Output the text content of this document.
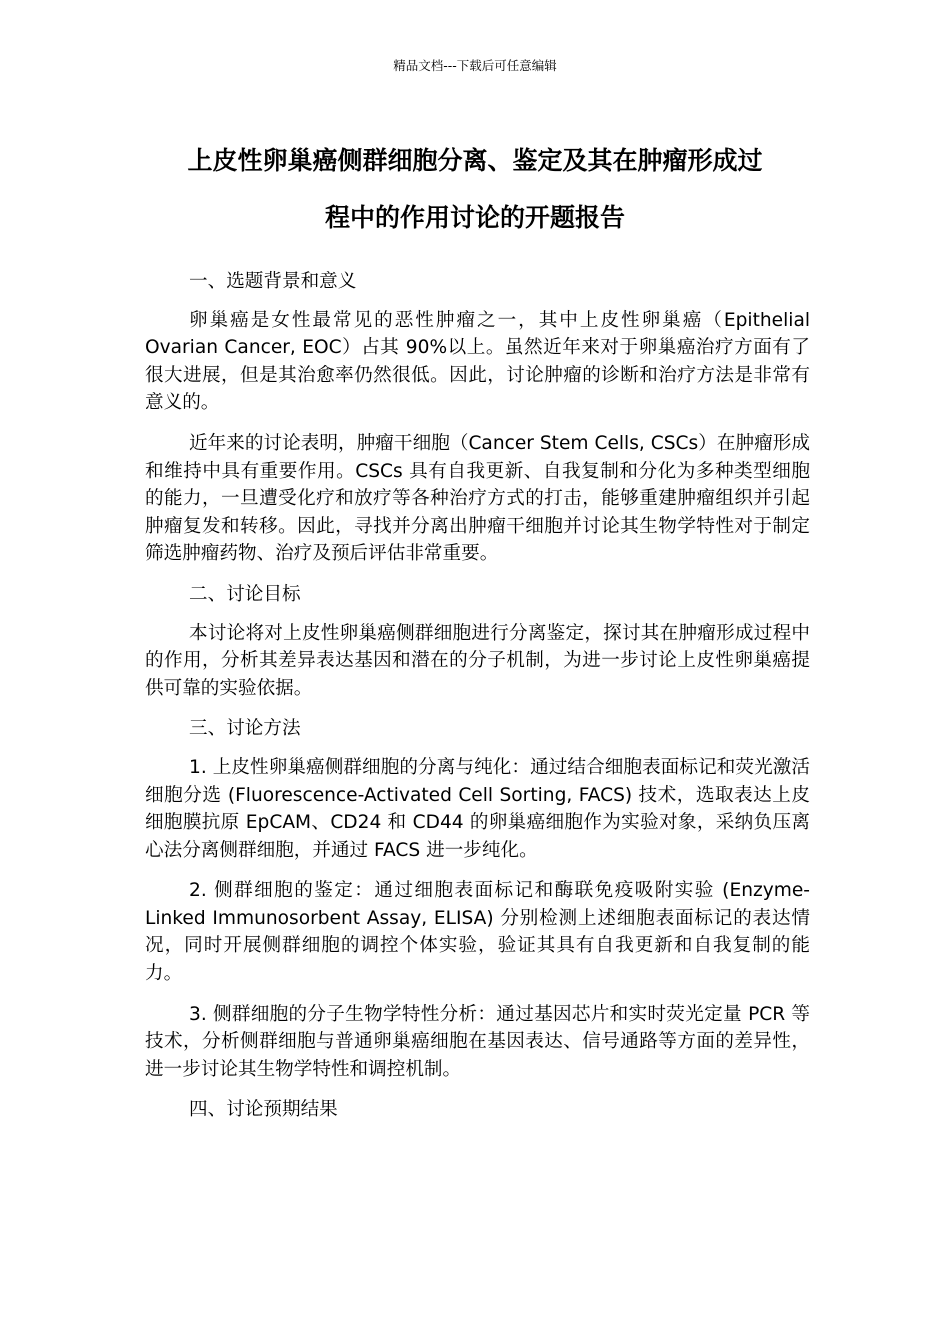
精品文档---下载后可任意编辑
上皮性卵巢癌侧群细胞分离、鉴定及其在肿瘤形成过
程中的作用讨论的开题报告

一、选题背景和意义

卵巢癌是女性最常见的恶性肿瘤之一，其中上皮性卵巢癌（Epithelial Ovarian Cancer, EOC）占其 90%以上。虽然近年来对于卵巢癌治疗方面有了很大进展，但是其治愈率仍然很低。因此，讨论肿瘤的诊断和治疗方法是非常有意义的。

近年来的讨论表明，肿瘤干细胞（Cancer Stem Cells, CSCs）在肿瘤形成和维持中具有重要作用。CSCs 具有自我更新、自我复制和分化为多种类型细胞的能力，一旦遭受化疗和放疗等各种治疗方式的打击，能够重建肿瘤组织并引起肿瘤复发和转移。因此，寻找并分离出肿瘤干细胞并讨论其生物学特性对于制定筛选肿瘤药物、治疗及预后评估非常重要。

二、讨论目标

本讨论将对上皮性卵巢癌侧群细胞进行分离鉴定，探讨其在肿瘤形成过程中的作用，分析其差异表达基因和潜在的分子机制，为进一步讨论上皮性卵巢癌提供可靠的实验依据。

三、讨论方法

1. 上皮性卵巢癌侧群细胞的分离与纯化：通过结合细胞表面标记和荧光激活细胞分选 (Fluorescence-Activated Cell Sorting, FACS) 技术，选取表达上皮细胞膜抗原 EpCAM、CD24 和 CD44 的卵巢癌细胞作为实验对象，采纳负压离心法分离侧群细胞，并通过 FACS 进一步纯化。

2. 侧群细胞的鉴定：通过细胞表面标记和酶联免疫吸附实验 (Enzyme-Linked Immunosorbent Assay, ELISA) 分别检测上述细胞表面标记的表达情况，同时开展侧群细胞的调控个体实验，验证其具有自我更新和自我复制的能力。

3. 侧群细胞的分子生物学特性分析：通过基因芯片和实时荧光定量 PCR 等技术，分析侧群细胞与普通卵巢癌细胞在基因表达、信号通路等方面的差异性，进一步讨论其生物学特性和调控机制。

四、讨论预期结果
